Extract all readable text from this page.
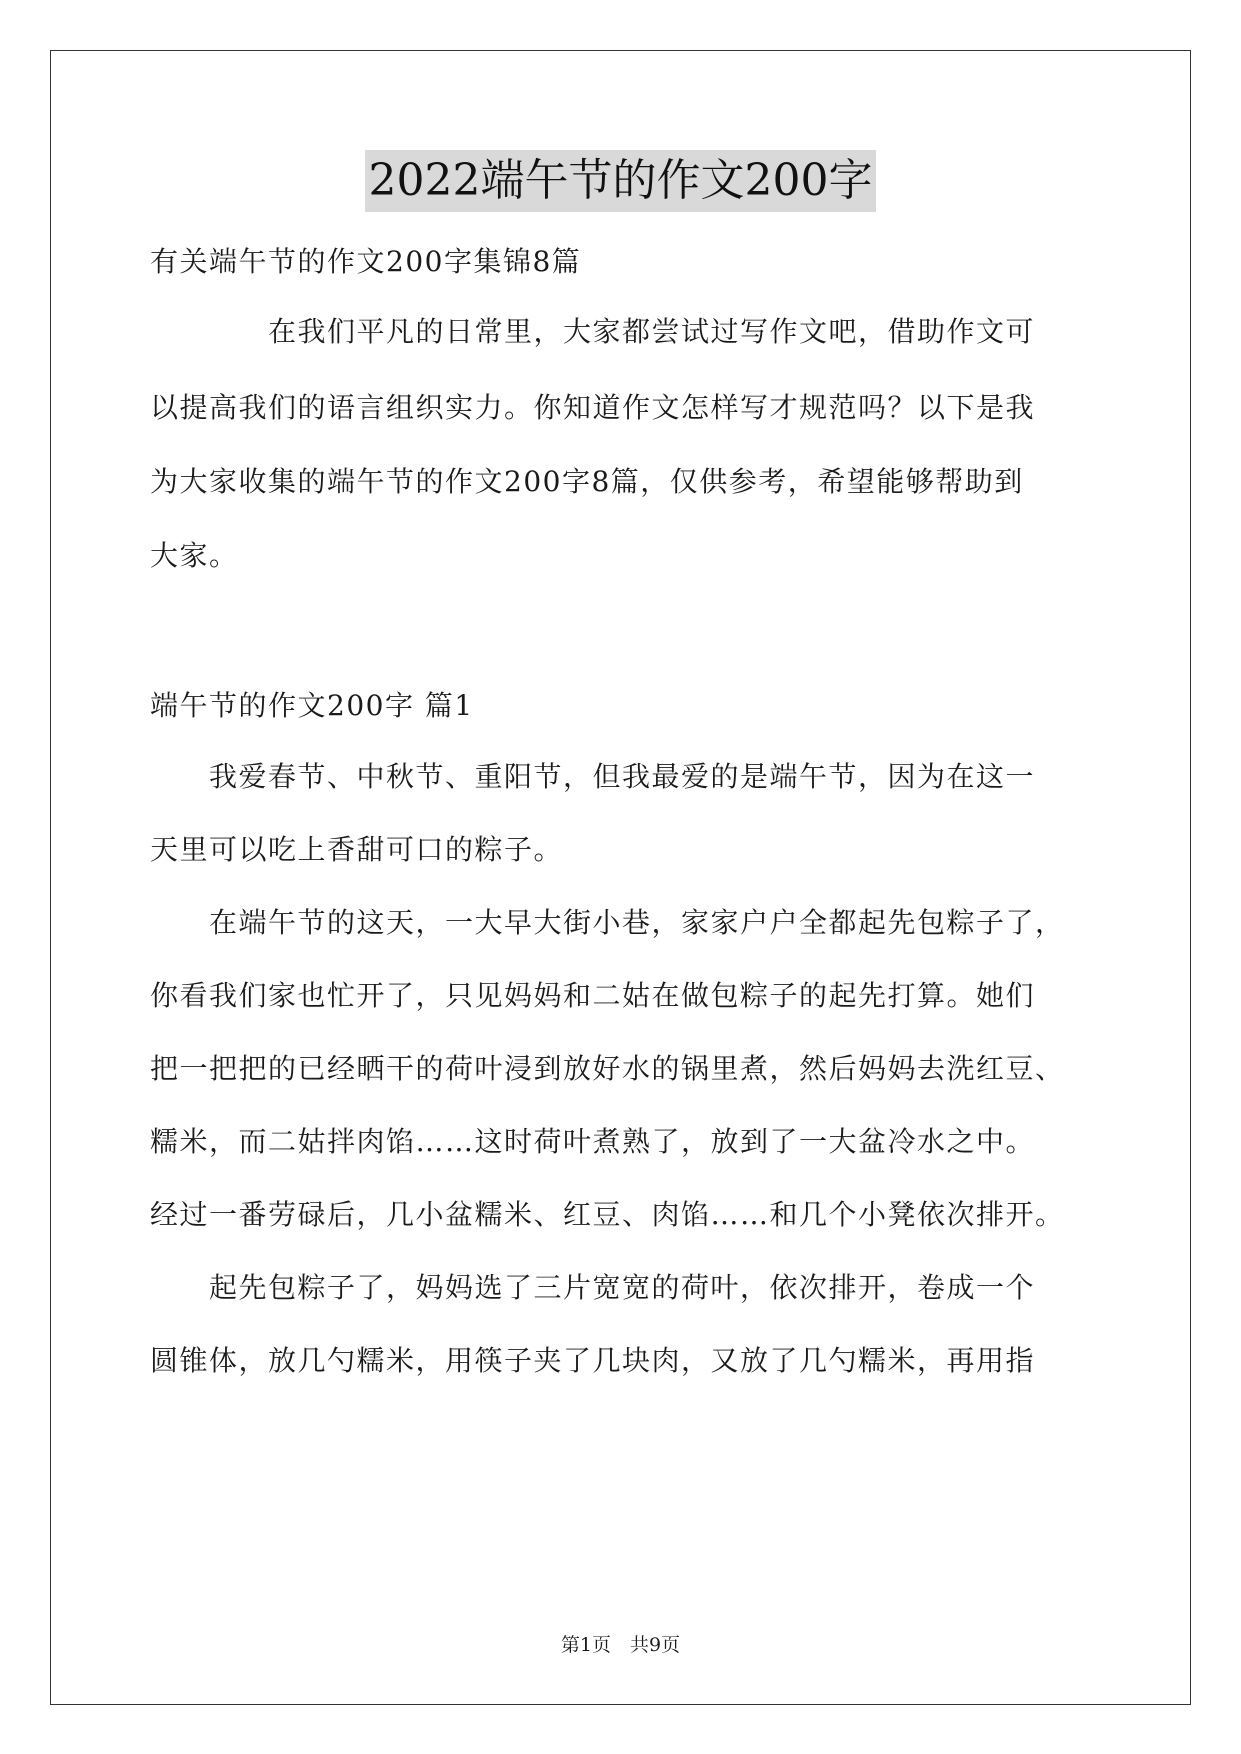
2022端午节的作文200字
有关端午节的作文200字集锦8篇
　　　　在我们平凡的日常里，大家都尝试过写作文吧，借助作文可
以提高我们的语言组织实力。你知道作文怎样写才规范吗？以下是我
为大家收集的端午节的作文200字8篇，仅供参考，希望能够帮助到
大家。
端午节的作文200字 篇1
　　我爱春节、中秋节、重阳节，但我最爱的是端午节，因为在这一
天里可以吃上香甜可口的粽子。
　　在端午节的这天，一大早大街小巷，家家户户全都起先包粽子了，
你看我们家也忙开了，只见妈妈和二姑在做包粽子的起先打算。她们
把一把把的已经晒干的荷叶浸到放好水的锅里煮，然后妈妈去洗红豆、
糯米，而二姑拌肉馅……这时荷叶煮熟了，放到了一大盆冷水之中。
经过一番劳碌后，几小盆糯米、红豆、肉馅……和几个小凳依次排开。
　　起先包粽子了，妈妈选了三片宽宽的荷叶，依次排开，卷成一个
圆锥体，放几勺糯米，用筷子夹了几块肉，又放了几勺糯米，再用指
第1页　共9页
